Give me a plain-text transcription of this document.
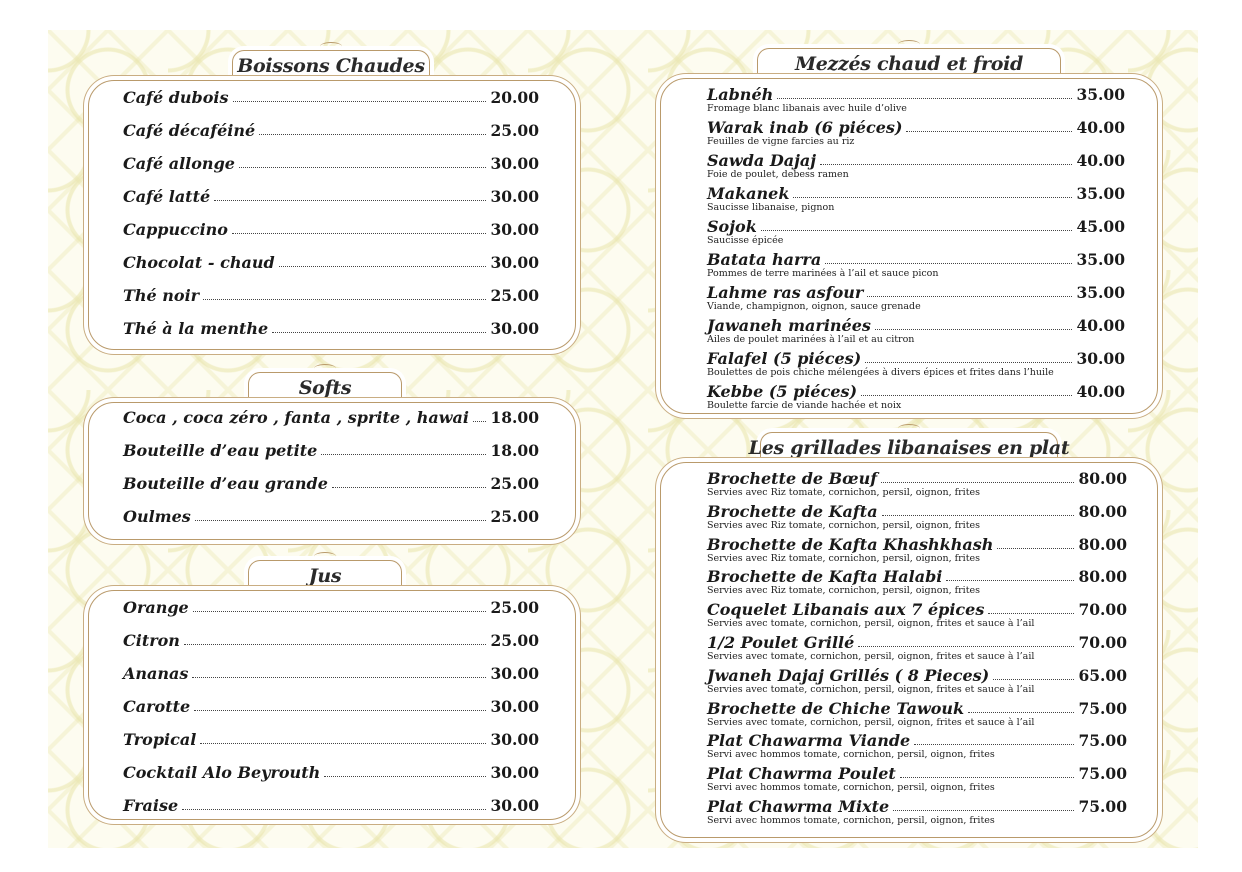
Boissons Chaudes
Café dubois	20.00
Café décaféiné	25.00
Café allonge	30.00
Café latté	30.00
Cappuccino	30.00
Chocolat - chaud	30.00
Thé noir	25.00
Thé à la menthe	30.00
Softs
Coca , coca zéro , fanta , sprite , hawai 18.00
Bouteille d’eau petite	18.00
Bouteille d’eau grande	25.00
Oulmes	25.00
Jus
Orange	25.00
Citron	25.00
Ananas	30.00
Carotte	30.00
Tropical	30.00
Cocktail Alo Beyrouth	30.00
Fraise	30.00
Mezzés chaud et froid
Labnéh	35.00
Fromage blanc libanais avec huile d’olive
Warak inab (6 piéces)	40.00
Feuilles de vigne farcies au riz
Sawda Dajaj	40.00
Foie de poulet, debess ramen
Makanek	35.00
Saucisse libanaise, pignon
Sojok	45.00
Saucisse épicée
Batata harra	35.00
Pommes de terre marinées à l’ail et sauce picon
Lahme ras asfour	35.00
Viande, champignon, oignon, sauce grenade
Jawaneh marinées	40.00
Ailes de poulet marinées à l’ail et au citron
Falafel (5 piéces)	30.00
Boulettes de pois chiche mélengées à divers épices et frites dans l’huile
Kebbe (5 piéces)	40.00
Boulette farcie de viande hachée et noix
Les grillades libanaises en plat
Brochette de Bœuf	80.00
Servies avec Riz tomate, cornichon, persil, oignon, frites
Brochette de Kafta	80.00
Servies avec Riz tomate, cornichon, persil, oignon, frites
Brochette de Kafta Khashkhash	80.00
Servies avec Riz tomate, cornichon, persil, oignon, frites
Brochette de Kafta Halabi	80.00
Servies avec Riz tomate, cornichon, persil, oignon, frites
Coquelet Libanais aux 7 épices	70.00
Servies avec tomate, cornichon, persil, oignon, frites et sauce à l’ail
1/2 Poulet Grillé	70.00
Servies avec tomate, cornichon, persil, oignon, frites et sauce à l’ail
Jwaneh Dajaj Grillés ( 8 Pieces)	65.00
Servies avec tomate, cornichon, persil, oignon, frites et sauce à l’ail
Brochette de Chiche Tawouk	75.00
Servies avec tomate, cornichon, persil, oignon, frites et sauce à l’ail
Plat Chawarma Viande	75.00
Servi avec hommos tomate, cornichon, persil, oignon, frites
Plat Chawrma Poulet	75.00
Servi avec hommos tomate, cornichon, persil, oignon, frites
Plat Chawrma Mixte	75.00
Servi avec hommos tomate, cornichon, persil, oignon, frites
